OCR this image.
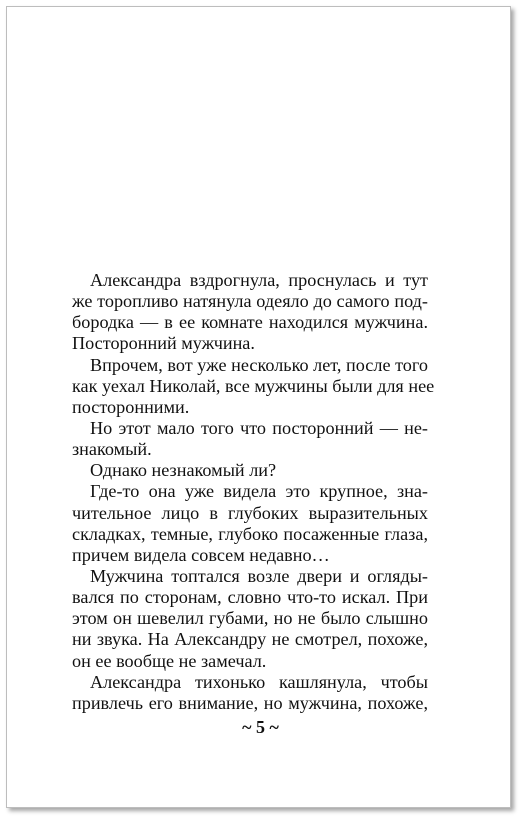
Александра вздрогнула, проснулась и тут
же торопливо натянула одеяло до самого под-
бородка — в ее комнате находился мужчина.
Посторонний мужчина.

Впрочем, вот уже несколько лет, после того
как уехал Николай, все мужчины были для нее
посторонними.

Но этот мало того что посторонний — не-
знакомый.

Однако незнакомый ли?

Где-то она уже видела это крупное, зна-
чительное лицо в глубоких выразительных
складках, темные, глубоко посаженные глаза,
причем видела совсем недавно…

Мужчина топтался возле двери и огляды-
вался по сторонам, словно что-то искал. При
этом он шевелил губами, но не было слышно
ни звука. На Александру не смотрел, похоже,
он ее вообще не замечал.

Александра тихонько кашлянула, чтобы
привлечь его внимание, но мужчина, похоже,

~ 5 ~
